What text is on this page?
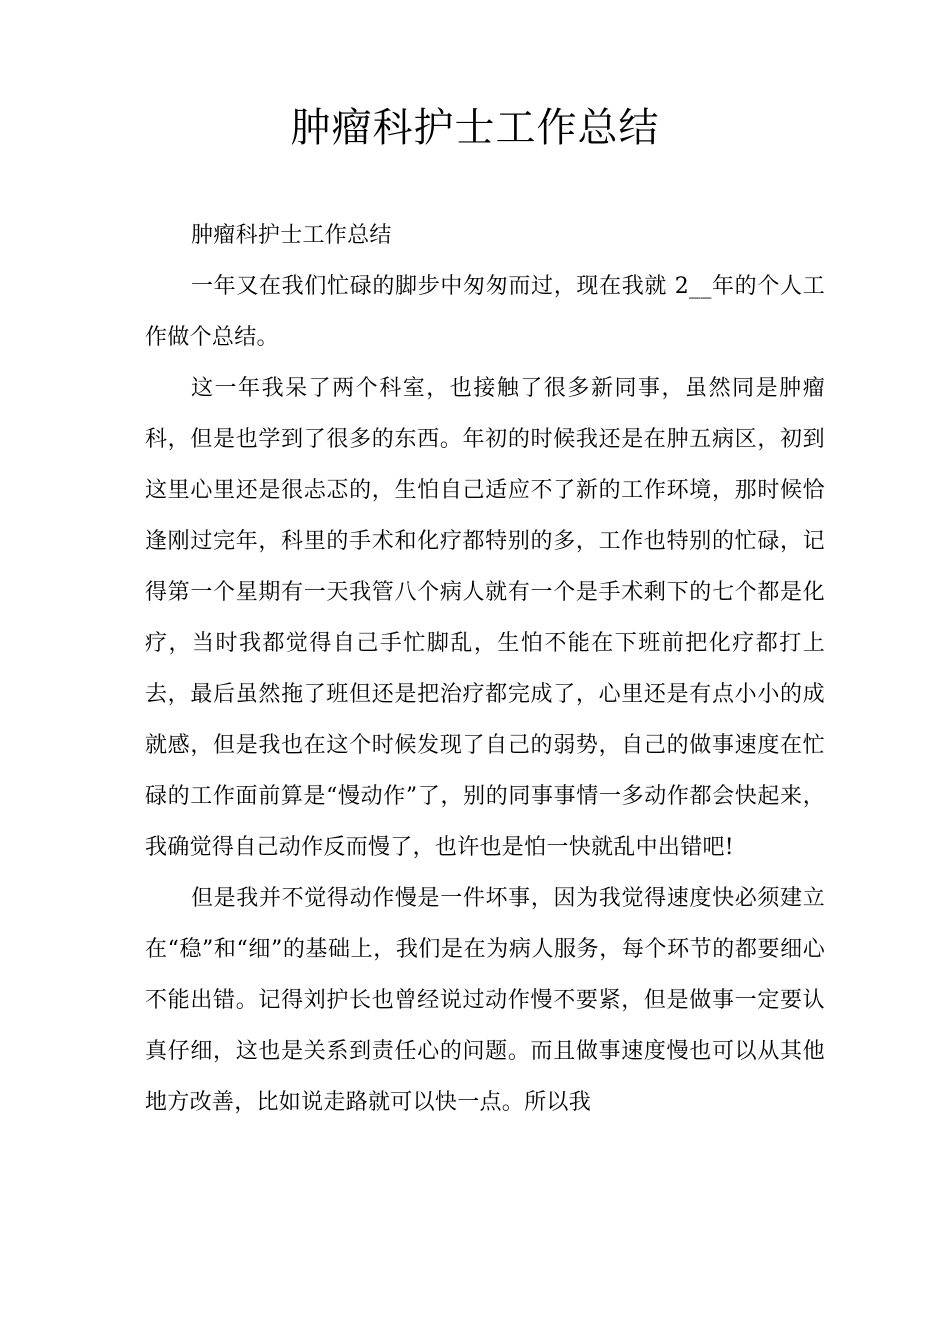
肿瘤科护士工作总结

肿瘤科护士工作总结

一年又在我们忙碌的脚步中匆匆而过，现在我就 2__年的个人工作做个总结。

这一年我呆了两个科室，也接触了很多新同事，虽然同是肿瘤科，但是也学到了很多的东西。年初的时候我还是在肿五病区，初到这里心里还是很忐忑的，生怕自己适应不了新的工作环境，那时候恰逢刚过完年，科里的手术和化疗都特别的多，工作也特别的忙碌，记得第一个星期有一天我管八个病人就有一个是手术剩下的七个都是化疗，当时我都觉得自己手忙脚乱，生怕不能在下班前把化疗都打上去，最后虽然拖了班但还是把治疗都完成了，心里还是有点小小的成就感，但是我也在这个时候发现了自己的弱势，自己的做事速度在忙碌的工作面前算是“慢动作”了，别的同事事情一多动作都会快起来，我确觉得自己动作反而慢了，也许也是怕一快就乱中出错吧!

但是我并不觉得动作慢是一件坏事，因为我觉得速度快必须建立在“稳”和“细”的基础上，我们是在为病人服务，每个环节的都要细心不能出错。记得刘护长也曾经说过动作慢不要紧，但是做事一定要认真仔细，这也是关系到责任心的问题。而且做事速度慢也可以从其他地方改善，比如说走路就可以快一点。所以我
